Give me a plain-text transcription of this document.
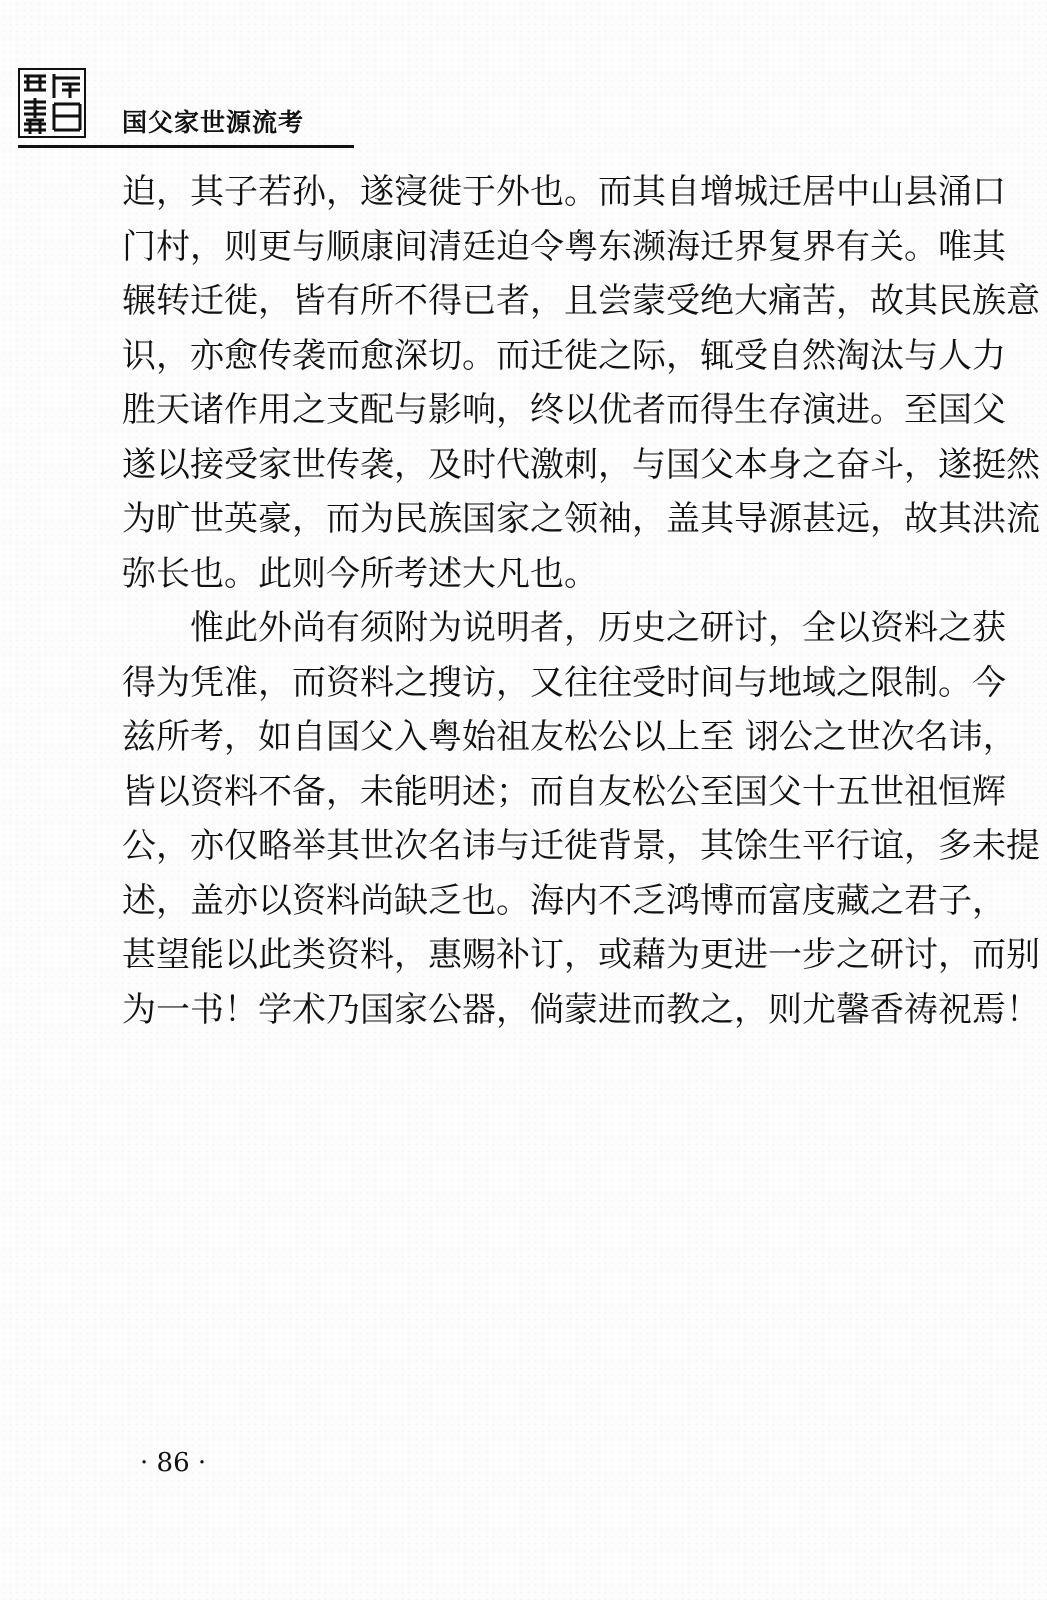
国父家世源流考
迫，其子若孙，遂寖徙于外也。而其自增城迁居中山县涌口
门村，则更与顺康间清廷迫令粤东濒海迁界复界有关。唯其
辗转迁徙，皆有所不得已者，且尝蒙受绝大痛苦，故其民族意
识，亦愈传袭而愈深切。而迁徙之际，辄受自然淘汰与人力
胜天诸作用之支配与影响，终以优者而得生存演进。至国父
遂以接受家世传袭，及时代激刺，与国父本身之奋斗，遂挺然
为旷世英豪，而为民族国家之领袖，盖其导源甚远，故其洪流
弥长也。此则今所考述大凡也。
惟此外尚有须附为说明者，历史之研讨，全以资料之获
得为凭准，而资料之搜访，又往往受时间与地域之限制。今
兹所考，如自国父入粤始祖友松公以上至 诩公之世次名讳，
皆以资料不备，未能明述；而自友松公至国父十五世祖恒辉
公，亦仅略举其世次名讳与迁徙背景，其馀生平行谊，多未提
述，盖亦以资料尚缺乏也。海内不乏鸿博而富庋藏之君子，
甚望能以此类资料，惠赐补订，或藉为更进一步之研讨，而别
为一书！学术乃国家公器，倘蒙进而教之，则尤馨香祷祝焉！
· 86 ·
